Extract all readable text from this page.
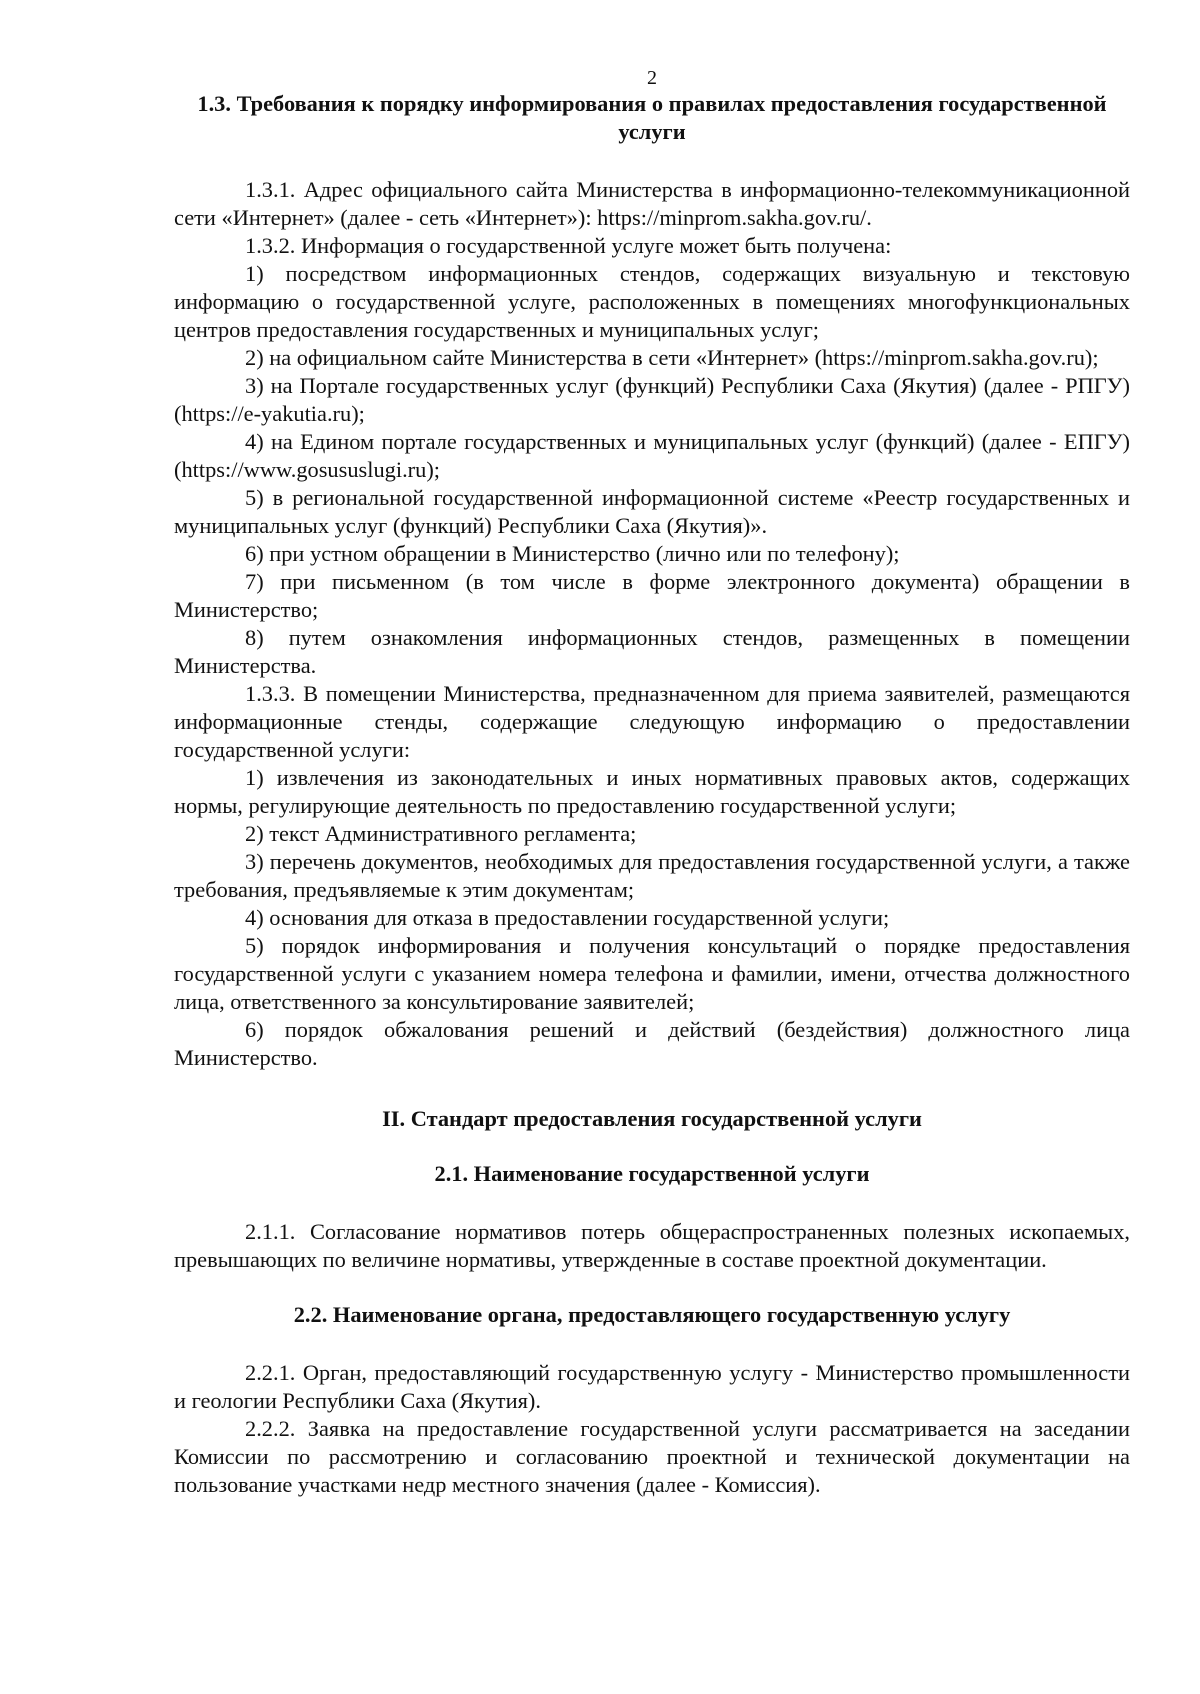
2
1.3. Требования к порядку информирования о правилах предоставления государственной услуги

1.3.1. Адрес официального сайта Министерства в информационно-телекоммуникационной сети «Интернет» (далее - сеть «Интернет»): https://minprom.sakha.gov.ru/.

1.3.2. Информация о государственной услуге может быть получена:

1) посредством информационных стендов, содержащих визуальную и текстовую информацию о государственной услуге, расположенных в помещениях многофункциональных центров предоставления государственных и муниципальных услуг;

2) на официальном сайте Министерства в сети «Интернет» (https://minprom.sakha.gov.ru);

3) на Портале государственных услуг (функций) Республики Саха (Якутия) (далее - РПГУ) (https://e-yakutia.ru);

4) на Едином портале государственных и муниципальных услуг (функций) (далее - ЕПГУ) (https://www.gosususlugi.ru);

5) в региональной государственной информационной системе «Реестр государственных и муниципальных услуг (функций) Республики Саха (Якутия)».

6) при устном обращении в Министерство (лично или по телефону);

7) при письменном (в том числе в форме электронного документа) обращении в Министерство;

8) путем ознакомления информационных стендов, размещенных в помещении Министерства.

1.3.3. В помещении Министерства, предназначенном для приема заявителей, размещаются информационные стенды, содержащие следующую информацию о предоставлении государственной услуги:

1) извлечения из законодательных и иных нормативных правовых актов, содержащих нормы, регулирующие деятельность по предоставлению государственной услуги;

2) текст Административного регламента;

3) перечень документов, необходимых для предоставления государственной услуги, а также требования, предъявляемые к этим документам;

4) основания для отказа в предоставлении государственной услуги;

5) порядок информирования и получения консультаций о порядке предоставления государственной услуги с указанием номера телефона и фамилии, имени, отчества должностного лица, ответственного за консультирование заявителей;

6) порядок обжалования решений и действий (бездействия) должностного лица Министерство.

II. Стандарт предоставления государственной услуги
2.1. Наименование государственной услуги

2.1.1. Согласование нормативов потерь общераспространенных полезных ископаемых, превышающих по величине нормативы, утвержденные в составе проектной документации.

2.2. Наименование органа, предоставляющего государственную услугу

2.2.1. Орган, предоставляющий государственную услугу - Министерство промышленности и геологии Республики Саха (Якутия).

2.2.2. Заявка на предоставление государственной услуги рассматривается на заседании Комиссии по рассмотрению и согласованию проектной и технической документации на пользование участками недр местного значения (далее - Комиссия).
